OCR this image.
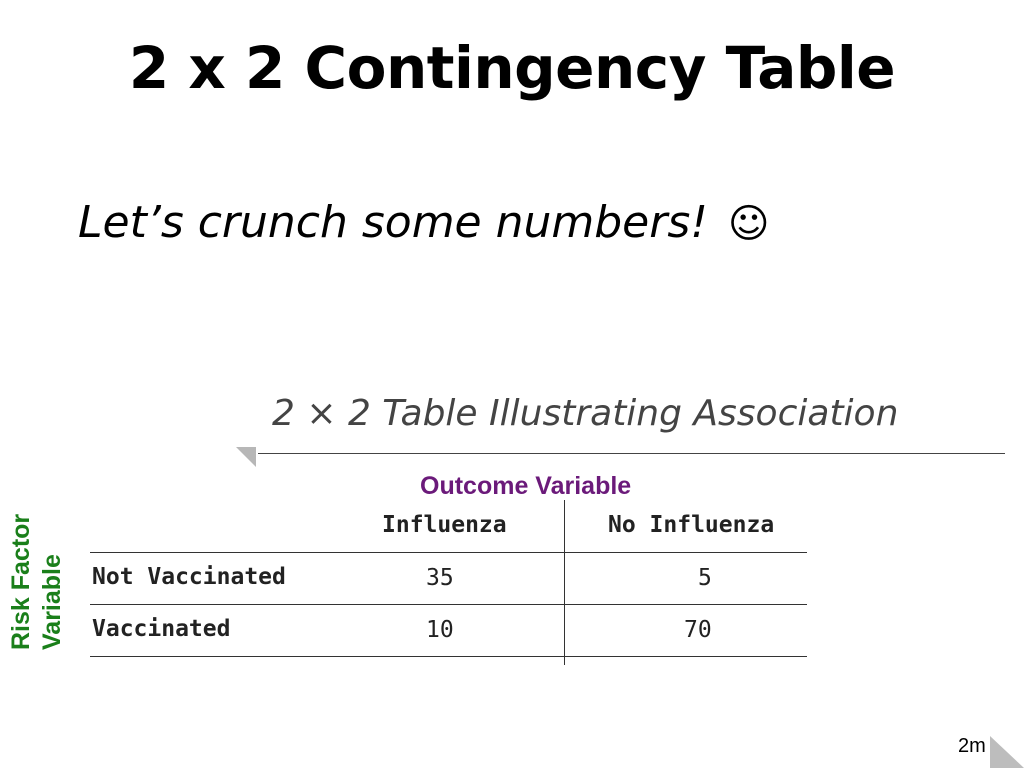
2 x 2 Contingency Table
Let’s crunch some numbers! ☺
2 × 2 Table Illustrating Association
Outcome Variable
Risk Factor Variable
Influenza	No Influenza
Not Vaccinated	35	5
Vaccinated	10	70
2m
